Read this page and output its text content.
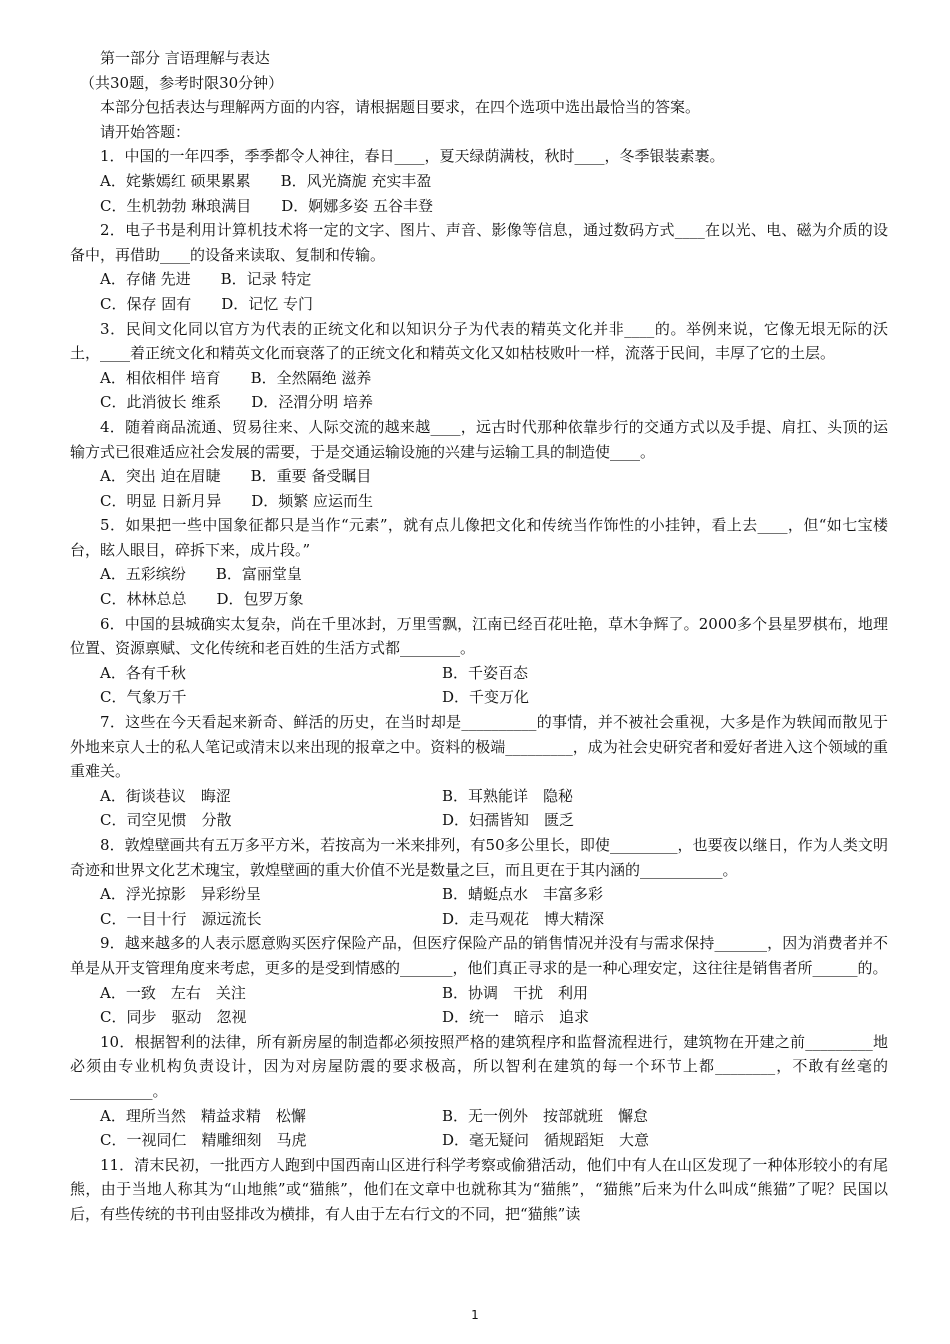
第一部分 言语理解与表达
（共30题，参考时限30分钟）
本部分包括表达与理解两方面的内容，请根据题目要求，在四个选项中选出最恰当的答案。
请开始答题：
1．中国的一年四季，季季都令人神往，春日____，夏天绿荫满枝，秋时____，冬季银装素裹。
A．姹紫嫣红 硕果累累 B．风光旖旎 充实丰盈
C．生机勃勃 琳琅满目 D．婀娜多姿 五谷丰登
2．电子书是利用计算机技术将一定的文字、图片、声音、影像等信息，通过数码方式____在以光、电、磁为介质的设备中，再借助____的设备来读取、复制和传输。
A．存储 先进 B．记录 特定
C．保存 固有 D．记忆 专门
3．民间文化同以官方为代表的正统文化和以知识分子为代表的精英文化并非____的。举例来说，它像无垠无际的沃土，____着正统文化和精英文化而衰落了的正统文化和精英文化又如枯枝败叶一样，流落于民间，丰厚了它的土层。
A．相依相伴 培育 B．全然隔绝 滋养
C．此消彼长 维系 D．泾渭分明 培养
4．随着商品流通、贸易往来、人际交流的越来越____，远古时代那种依靠步行的交通方式以及手提、肩扛、头顶的运输方式已很难适应社会发展的需要，于是交通运输设施的兴建与运输工具的制造使____。
A．突出 迫在眉睫 B．重要 备受瞩目
C．明显 日新月异 D．频繁 应运而生
5．如果把一些中国象征都只是当作“元素”，就有点儿像把文化和传统当作饰性的小挂钟，看上去____，但“如七宝楼台，眩人眼目，碎拆下来，成片段。”
A．五彩缤纷 B．富丽堂皇
C．林林总总 D．包罗万象
6．中国的县城确实太复杂，尚在千里冰封，万里雪飘，江南已经百花吐艳，草木争辉了。2000多个县星罗棋布，地理位置、资源禀赋、文化传统和老百姓的生活方式都________。
A．各有千秋	B．千姿百态
C．气象万千	D．千变万化
7．这些在今天看起来新奇、鲜活的历史，在当时却是__________的事情，并不被社会重视，大多是作为轶闻而散见于外地来京人士的私人笔记或清末以来出现的报章之中。资料的极端_________，成为社会史研究者和爱好者进入这个领域的重重难关。
A．街谈巷议　晦涩	B．耳熟能详　隐秘
C．司空见惯　分散	D．妇孺皆知　匮乏
8．敦煌壁画共有五万多平方米，若按高为一米来排列，有50多公里长，即使_________，也要夜以继日，作为人类文明奇迹和世界文化艺术瑰宝，敦煌壁画的重大价值不光是数量之巨，而且更在于其内涵的___________。
A．浮光掠影　异彩纷呈	B．蜻蜓点水　丰富多彩
C．一目十行　源远流长	D．走马观花　博大精深
9．越来越多的人表示愿意购买医疗保险产品，但医疗保险产品的销售情况并没有与需求保持_______，因为消费者并不单是从开支管理角度来考虑，更多的是受到情感的_______，他们真正寻求的是一种心理安定，这往往是销售者所______的。
A．一致　左右　关注	B．协调　干扰　利用
C．同步　驱动　忽视	D．统一　暗示　追求
10．根据智利的法律，所有新房屋的制造都必须按照严格的建筑程序和监督流程进行，建筑物在开建之前_________地必须由专业机构负责设计，因为对房屋防震的要求极高，所以智利在建筑的每一个环节上都________，不敢有丝毫的___________。
A．理所当然　精益求精　松懈	B．无一例外　按部就班　懈怠
C．一视同仁　精雕细刻　马虎	D．毫无疑问　循规蹈矩　大意
11．清末民初，一批西方人跑到中国西南山区进行科学考察或偷猎活动，他们中有人在山区发现了一种体形较小的有尾熊，由于当地人称其为“山地熊”或“猫熊”，他们在文章中也就称其为“猫熊”，“猫熊”后来为什么叫成“熊猫”了呢？民国以后，有些传统的书刊由竖排改为横排，有人由于左右行文的不同，把“猫熊”读
1
